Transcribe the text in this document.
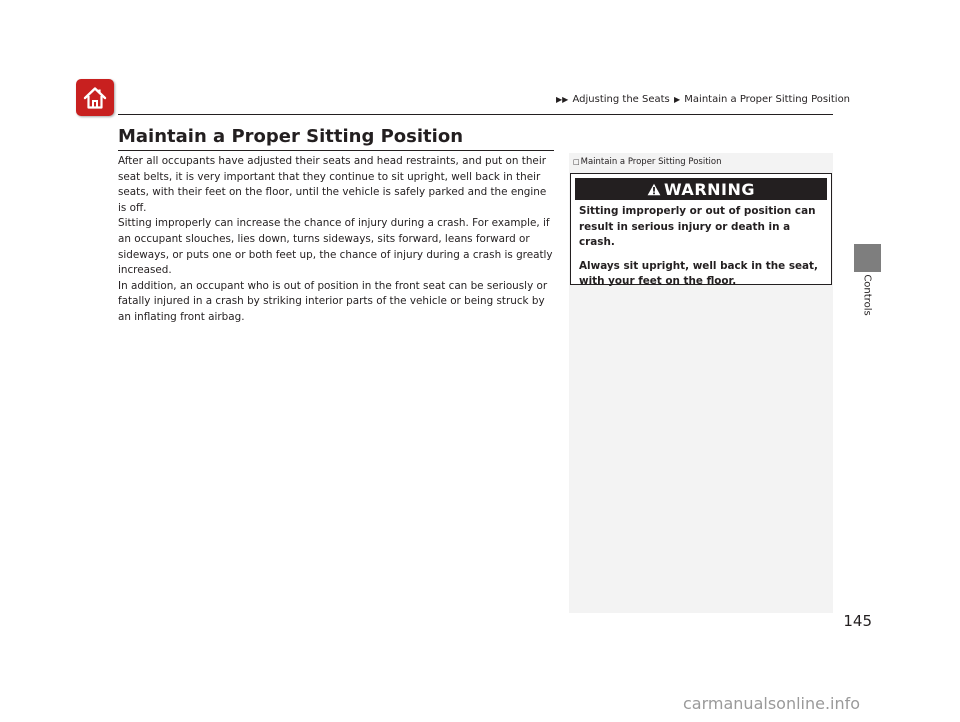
▶▶ Adjusting the Seats ▶ Maintain a Proper Sitting Position
Maintain a Proper Sitting Position

After all occupants have adjusted their seats and head restraints, and put on their seat belts, it is very important that they continue to sit upright, well back in their seats, with their feet on the floor, until the vehicle is safely parked and the engine is off.

Sitting improperly can increase the chance of injury during a crash. For example, if an occupant slouches, lies down, turns sideways, sits forward, leans forward or sideways, or puts one or both feet up, the chance of injury during a crash is greatly increased.

In addition, an occupant who is out of position in the front seat can be seriously or fatally injured in a crash by striking interior parts of the vehicle or being struck by an inflating front airbag.

□Maintain a Proper Sitting Position
WARNING

Sitting improperly or out of position can result in serious injury or death in a crash.

Always sit upright, well back in the seat, with your feet on the floor.	Controls
145
carmanualsonline.info
